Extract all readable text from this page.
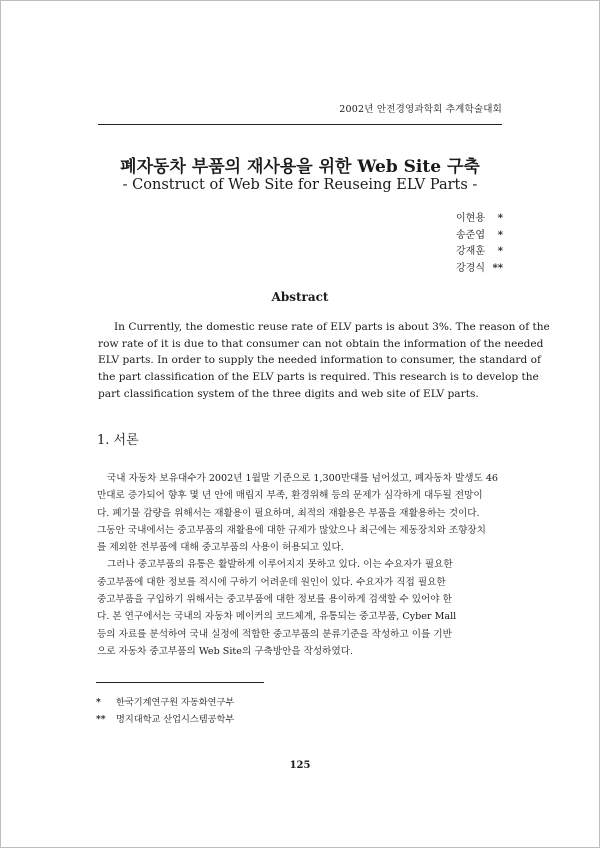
2002년 안전경영과학회 추계학술대회
폐자동차 부품의 재사용을 위한 Web Site 구축
- Construct of Web Site for Reuseing ELV Parts -
이현용	*
송준엽	*
강재훈	*
강경식 **
Abstract
In Currently, the domestic reuse rate of ELV parts is about 3%. The reason of the
row rate of it is due to that consumer can not obtain the information of the needed
ELV parts. In order to supply the needed information to consumer, the standard of
the part classification of the ELV parts is required. This research is to develop the
part classification system of the three digits and web site of ELV parts.
1. 서론
국내 자동차 보유대수가 2002년 1월말 기준으로 1,300만대를 넘어섰고, 폐자동차 발생도 46
만대로 증가되어 향후 몇 년 안에 매립지 부족, 환경위해 등의 문제가 심각하게 대두될 전망이
다. 폐기물 감량을 위해서는 재활용이 필요하며, 최적의 재활용은 부품을 재활용하는 것이다.
그동안 국내에서는 중고부품의 재활용에 대한 규제가 많았으나 최근에는 제동장치와 조향장치
를 제외한 전부품에 대해 중고부품의 사용이 허용되고 있다.
그러나 중고부품의 유통은 활발하게 이루어지지 못하고 있다. 이는 수요자가 필요한
중고부품에 대한 정보를 적시에 구하기 어려운데 원인이 있다. 수요자가 직접 필요한
중고부품을 구입하기 위해서는 중고부품에 대한 정보를 용이하게 검색할 수 있어야 한
다. 본 연구에서는 국내의 자동차 메이커의 코드체계, 유통되는 중고부품, Cyber Mall
등의 자료를 분석하여 국내 실정에 적합한 중고부품의 분류기준을 작성하고 이를 기반
으로 자동차 중고부품의 Web Site의 구축방안을 작성하였다.
* 한국기계연구원 자동화연구부
** 명지대학교 산업시스템공학부
125
